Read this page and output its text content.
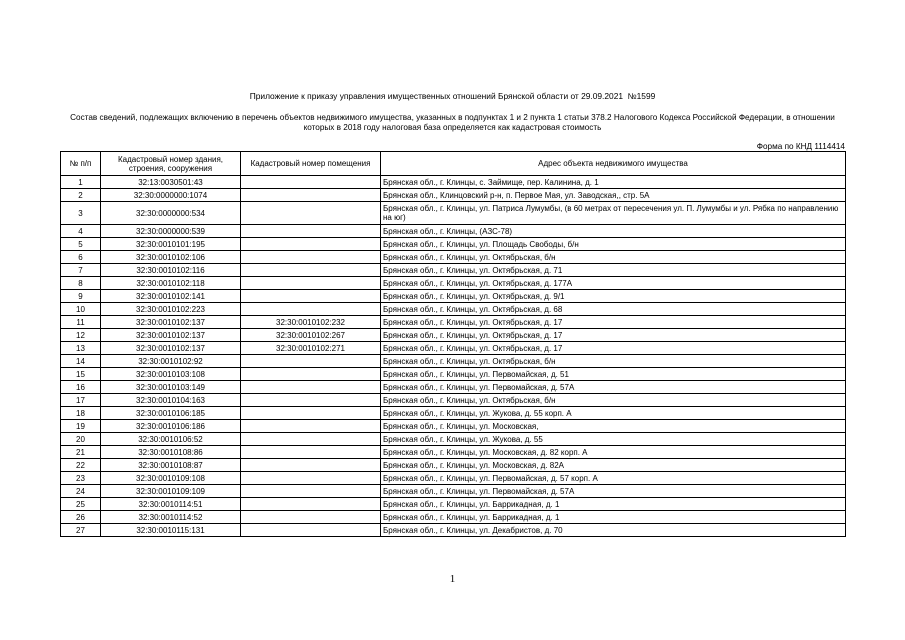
Приложение к приказу управления имущественных отношений Брянской области от 29.09.2021  №1599
Состав сведений, подлежащих включению в перечень объектов недвижимого имущества, указанных в подпунктах 1 и 2 пункта 1 статьи 378.2 Налогового Кодекса Российской Федерации, в отношении которых в 2018 году налоговая база определяется как кадастровая стоимость
Форма по КНД 1114414
№ п/п	Кадастровый номер здания, строения, сооружения	Кадастровый номер помещения	Адрес объекта недвижимого имущества
1	32:13:0030501:43		Брянская обл., г. Клинцы, с. Займище, пер. Калинина, д. 1
2	32:30:0000000:1074		Брянская обл., Клинцовский р-н, п. Первое Мая, ул. Заводская,, стр. 5А
3	32:30:0000000:534		Брянская обл., г. Клинцы, ул. Патриса Лумумбы, (в 60 метрах от пересечения ул. П. Лумумбы и ул. Рябка по направлению на юг)
4	32:30:0000000:539		Брянская обл., г. Клинцы, (АЗС-78)
5	32:30:0010101:195		Брянская обл., г. Клинцы, ул. Площадь Свободы, б/н
6	32:30:0010102:106		Брянская обл., г. Клинцы, ул. Октябрьская, б/н
7	32:30:0010102:116		Брянская обл., г. Клинцы, ул. Октябрьская, д. 71
8	32:30:0010102:118		Брянская обл., г. Клинцы, ул. Октябрьская, д. 177А
9	32:30:0010102:141		Брянская обл., г. Клинцы, ул. Октябрьская, д. 9/1
10	32:30:0010102:223		Брянская обл., г. Клинцы, ул. Октябрьская, д. 68
11	32:30:0010102:137	32:30:0010102:232	Брянская обл., г. Клинцы, ул. Октябрьская, д. 17
12	32:30:0010102:137	32:30:0010102:267	Брянская обл., г. Клинцы, ул. Октябрьская, д. 17
13	32:30:0010102:137	32:30:0010102:271	Брянская обл., г. Клинцы, ул. Октябрьская, д. 17
14	32:30:0010102:92		Брянская обл., г. Клинцы, ул. Октябрьская, б/н
15	32:30:0010103:108		Брянская обл., г. Клинцы, ул. Первомайская, д. 51
16	32:30:0010103:149		Брянская обл., г. Клинцы, ул. Первомайская, д. 57А
17	32:30:0010104:163		Брянская обл., г. Клинцы, ул. Октябрьская, б/н
18	32:30:0010106:185		Брянская обл., г. Клинцы, ул. Жукова, д. 55 корп. А
19	32:30:0010106:186		Брянская обл., г. Клинцы, ул. Московская,
20	32:30:0010106:52		Брянская обл., г. Клинцы, ул. Жукова, д. 55
21	32:30:0010108:86		Брянская обл., г. Клинцы, ул. Московская, д. 82 корп. А
22	32:30:0010108:87		Брянская обл., г. Клинцы, ул. Московская, д. 82А
23	32:30:0010109:108		Брянская обл., г. Клинцы, ул. Первомайская, д. 57 корп. А
24	32:30:0010109:109		Брянская обл., г. Клинцы, ул. Первомайская, д. 57А
25	32:30:0010114:51		Брянская обл., г. Клинцы, ул. Баррикадная, д. 1
26	32:30:0010114:52		Брянская обл., г. Клинцы, ул. Баррикадная, д. 1
27	32:30:0010115:131		Брянская обл., г. Клинцы, ул. Декабристов, д. 70
1
